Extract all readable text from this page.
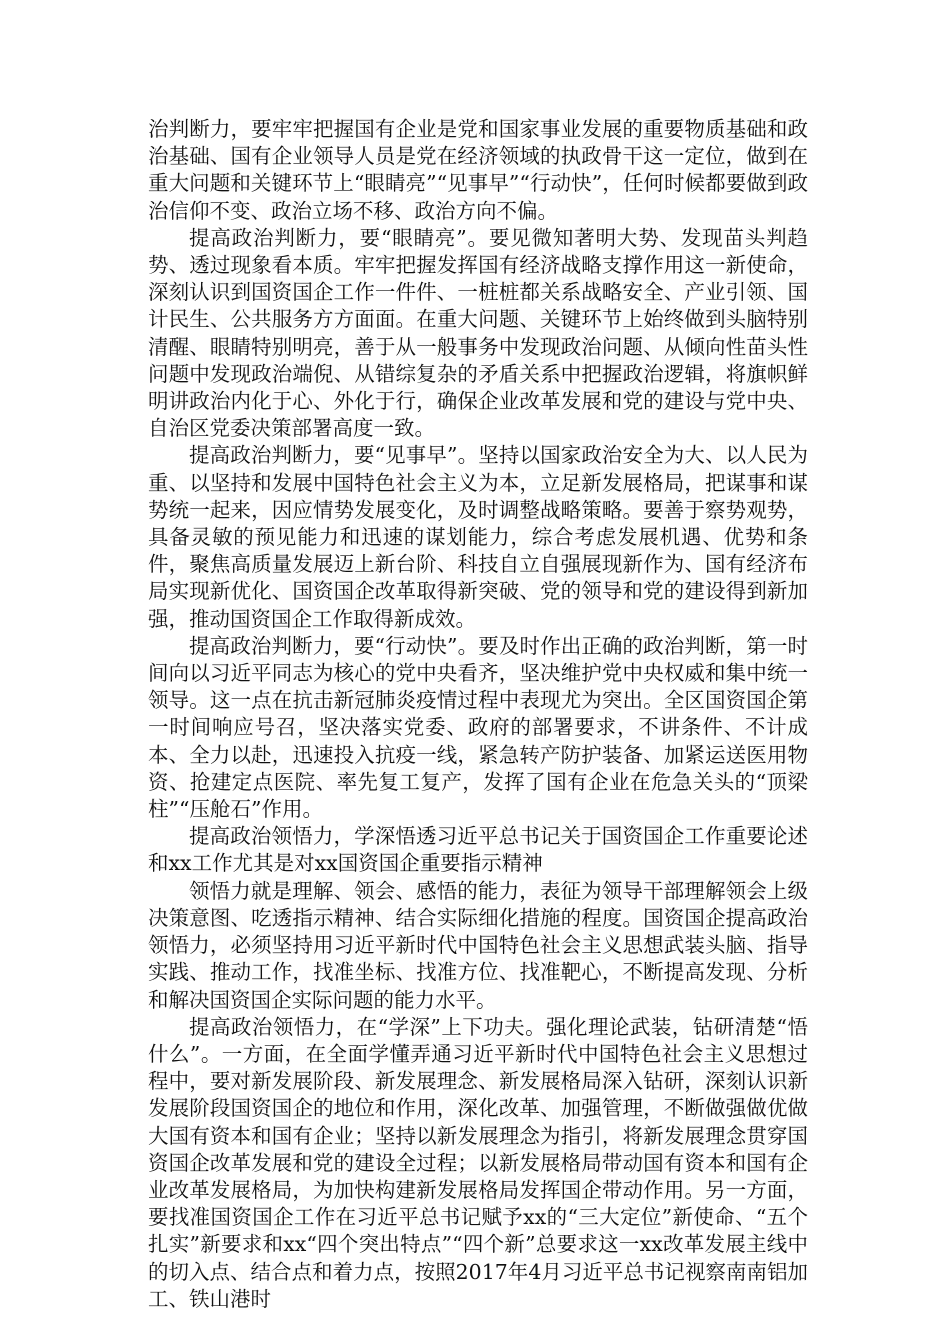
治判断力，要牢牢把握国有企业是党和国家事业发展的重要物质基础和政治基础、国有企业领导人员是党在经济领域的执政骨干这一定位，做到在重大问题和关键环节上“眼睛亮”“见事早”“行动快”，任何时候都要做到政治信仰不变、政治立场不移、政治方向不偏。

提高政治判断力，要“眼睛亮”。要见微知著明大势、发现苗头判趋势、透过现象看本质。牢牢把握发挥国有经济战略支撑作用这一新使命，深刻认识到国资国企工作一件件、一桩桩都关系战略安全、产业引领、国计民生、公共服务方方面面。在重大问题、关键环节上始终做到头脑特别清醒、眼睛特别明亮，善于从一般事务中发现政治问题、从倾向性苗头性问题中发现政治端倪、从错综复杂的矛盾关系中把握政治逻辑，将旗帜鲜明讲政治内化于心、外化于行，确保企业改革发展和党的建设与党中央、自治区党委决策部署高度一致。

提高政治判断力，要“见事早”。坚持以国家政治安全为大、以人民为重、以坚持和发展中国特色社会主义为本，立足新发展格局，把谋事和谋势统一起来，因应情势发展变化，及时调整战略策略。要善于察势观势，具备灵敏的预见能力和迅速的谋划能力，综合考虑发展机遇、优势和条件，聚焦高质量发展迈上新台阶、科技自立自强展现新作为、国有经济布局实现新优化、国资国企改革取得新突破、党的领导和党的建设得到新加强，推动国资国企工作取得新成效。

提高政治判断力，要“行动快”。要及时作出正确的政治判断，第一时间向以习近平同志为核心的党中央看齐，坚决维护党中央权威和集中统一领导。这一点在抗击新冠肺炎疫情过程中表现尤为突出。全区国资国企第一时间响应号召，坚决落实党委、政府的部署要求，不讲条件、不计成本、全力以赴，迅速投入抗疫一线，紧急转产防护装备、加紧运送医用物资、抢建定点医院、率先复工复产，发挥了国有企业在危急关头的“顶梁柱”“压舱石”作用。

提高政治领悟力，学深悟透习近平总书记关于国资国企工作重要论述和xx工作尤其是对xx国资国企重要指示精神

领悟力就是理解、领会、感悟的能力，表征为领导干部理解领会上级决策意图、吃透指示精神、结合实际细化措施的程度。国资国企提高政治领悟力，必须坚持用习近平新时代中国特色社会主义思想武装头脑、指导实践、推动工作，找准坐标、找准方位、找准靶心，不断提高发现、分析和解决国资国企实际问题的能力水平。

提高政治领悟力，在“学深”上下功夫。强化理论武装，钻研清楚“悟什么”。一方面，在全面学懂弄通习近平新时代中国特色社会主义思想过程中，要对新发展阶段、新发展理念、新发展格局深入钻研，深刻认识新发展阶段国资国企的地位和作用，深化改革、加强管理，不断做强做优做大国有资本和国有企业；坚持以新发展理念为指引，将新发展理念贯穿国资国企改革发展和党的建设全过程；以新发展格局带动国有资本和国有企业改革发展格局，为加快构建新发展格局发挥国企带动作用。另一方面，要找准国资国企工作在习近平总书记赋予xx的“三大定位”新使命、“五个扎实”新要求和xx“四个突出特点”“四个新”总要求这一xx改革发展主线中的切入点、结合点和着力点，按照2017年4月习近平总书记视察南南铝加工、铁山港时
